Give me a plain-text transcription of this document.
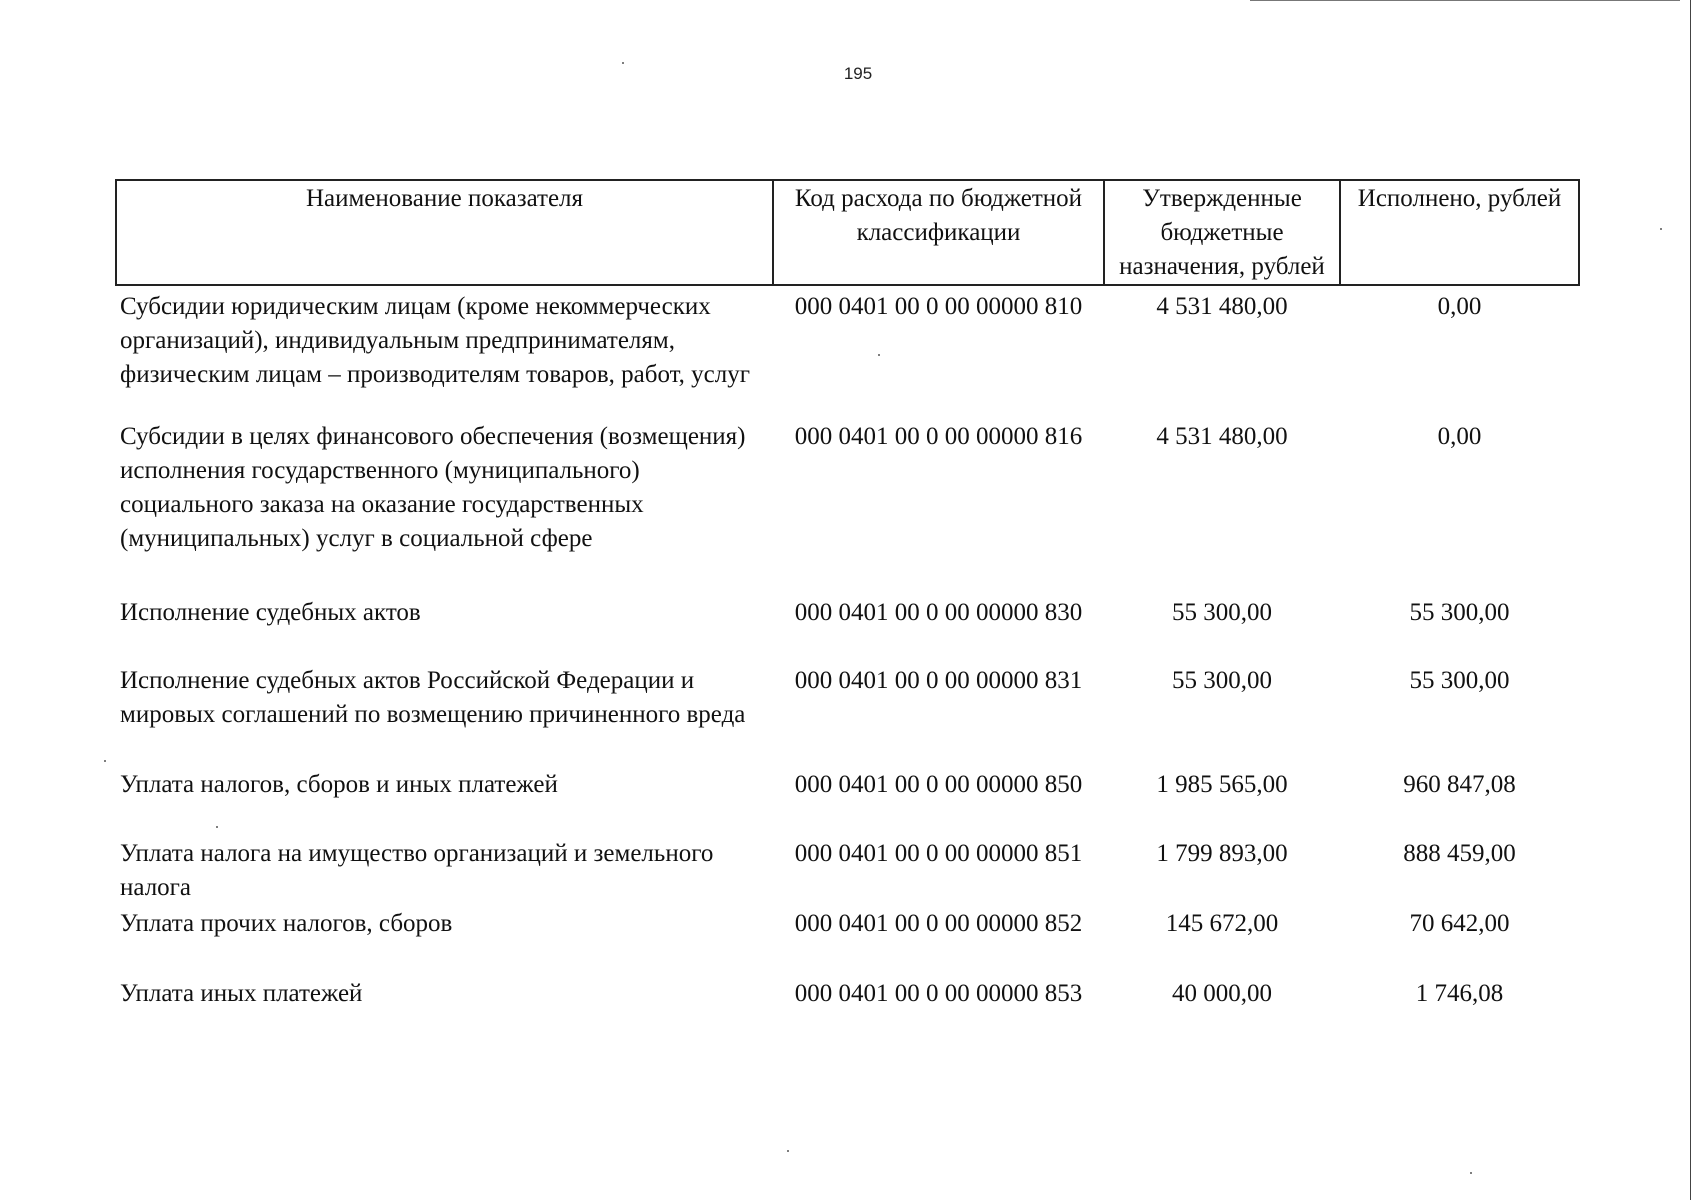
195
Наименование показателя	Код расхода по бюджетной классификации	Утвержденные бюджетные назначения, рублей	Исполнено, рублей
Субсидии юридическим лицам (кроме некоммерческих организаций), индивидуальным предпринимателям, физическим лицам – производителям товаров, работ, услуг	000 0401 00 0 00 00000 810	4 531 480,00	0,00
Субсидии в целях финансового обеспечения (возмещения) исполнения государственного (муниципального) социального заказа на оказание государственных (муниципальных) услуг в социальной сфере	000 0401 00 0 00 00000 816	4 531 480,00	0,00
Исполнение судебных актов	000 0401 00 0 00 00000 830	55 300,00	55 300,00
Исполнение судебных актов Российской Федерации и мировых соглашений по возмещению причиненного вреда	000 0401 00 0 00 00000 831	55 300,00	55 300,00
Уплата налогов, сборов и иных платежей	000 0401 00 0 00 00000 850	1 985 565,00	960 847,08
Уплата налога на имущество организаций и земельного налога	000 0401 00 0 00 00000 851	1 799 893,00	888 459,00
Уплата прочих налогов, сборов	000 0401 00 0 00 00000 852	145 672,00	70 642,00
Уплата иных платежей	000 0401 00 0 00 00000 853	40 000,00	1 746,08
